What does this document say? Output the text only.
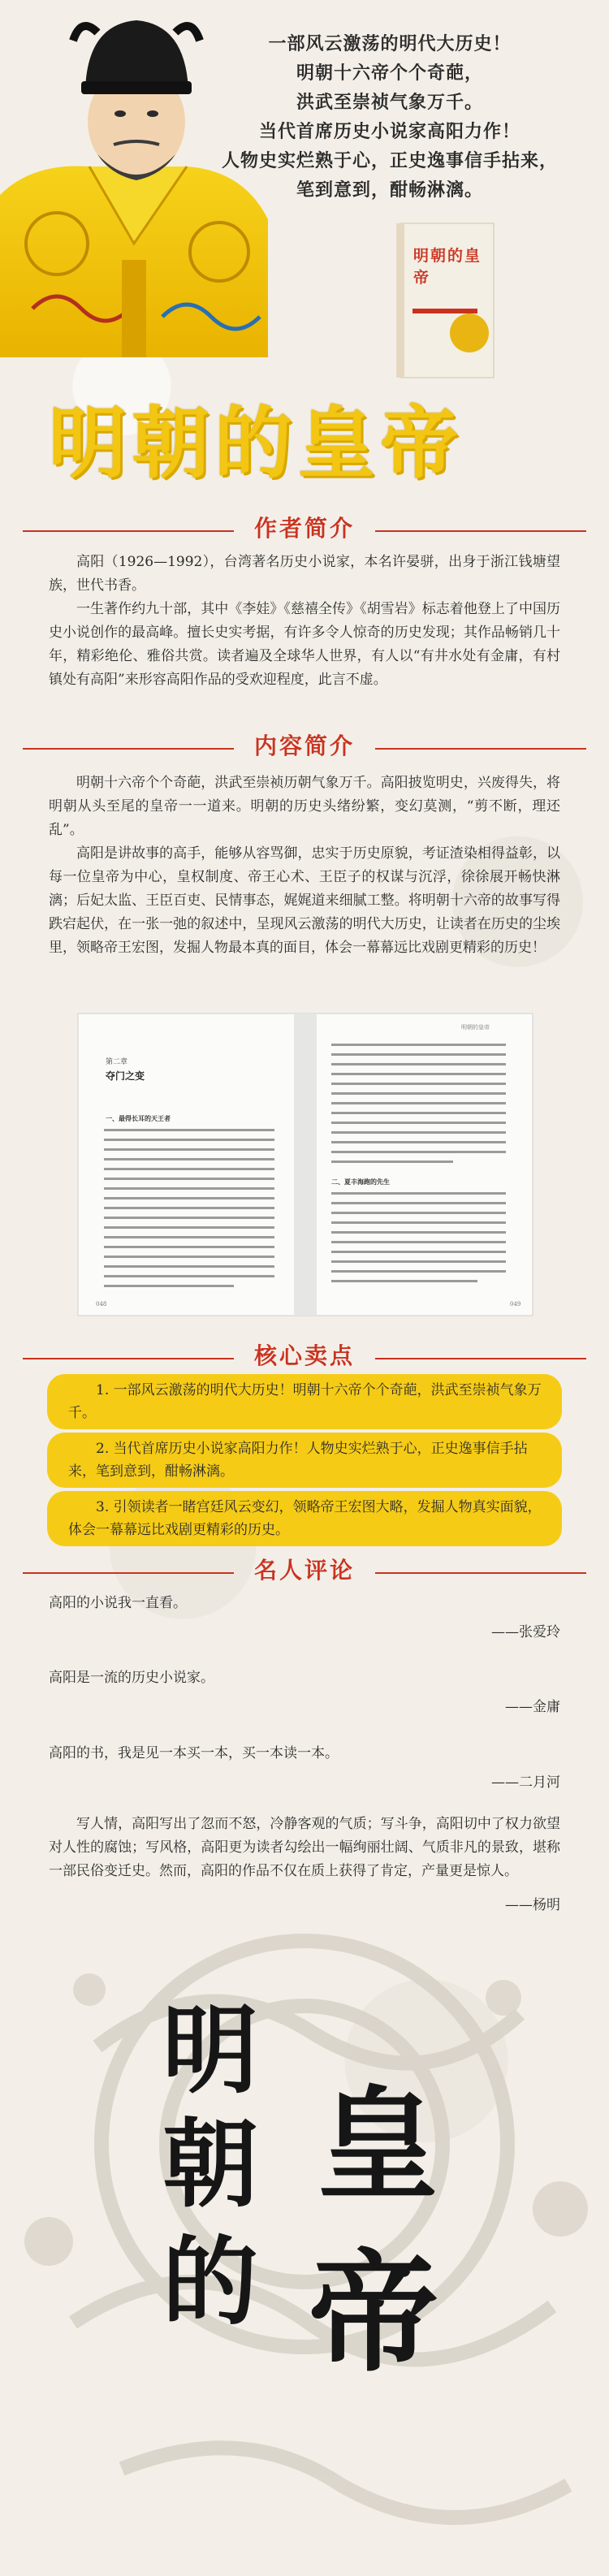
一部风云激荡的明代大历史！
明朝十六帝个个奇葩，
洪武至崇祯气象万千。
当代首席历史小说家高阳力作！
人物史实烂熟于心，正史逸事信手拈来，
笔到意到，酣畅淋漓。
明朝的皇帝
明朝的皇帝
作者简介
高阳（1926—1992），台湾著名历史小说家，本名许晏骈，出身于浙江钱塘望族，世代书香。
一生著作约九十部，其中《李娃》《慈禧全传》《胡雪岩》标志着他登上了中国历史小说创作的最高峰。擅长史实考据，有许多令人惊奇的历史发现；其作品畅销几十年，精彩绝伦、雅俗共赏。读者遍及全球华人世界，有人以“有井水处有金庸，有村镇处有高阳”来形容高阳作品的受欢迎程度，此言不虚。
内容简介
明朝十六帝个个奇葩，洪武至崇祯历朝气象万千。高阳披览明史，兴废得失，将明朝从头至尾的皇帝一一道来。明朝的历史头绪纷繁，变幻莫测，“剪不断，理还乱”。
高阳是讲故事的高手，能够从容骂御，忠实于历史原貌，考证渣染相得益彰，以每一位皇帝为中心，皇权制度、帝王心术、王臣子的权谋与沉浮，徐徐展开畅快淋漓；后妃太监、王臣百吏、民情事态，娓娓道来细腻工整。将明朝十六帝的故事写得跌宕起伏，在一张一弛的叙述中，呈现风云激荡的明代大历史，让读者在历史的尘埃里，领略帝王宏图，发掘人物最本真的面目，体会一幕幕远比戏剧更精彩的历史！
第二章
夺门之变
一、最得长耳的天王者
二、夏丰海跑的先生
明朝的皇帝
048	049
核心卖点
1. 一部风云激荡的明代大历史！明朝十六帝个个奇葩，洪武至崇祯气象万千。
2. 当代首席历史小说家高阳力作！人物史实烂熟于心，正史逸事信手拈来，笔到意到，酣畅淋漓。
3. 引领读者一睹宫廷风云变幻，领略帝王宏图大略，发掘人物真实面貌，体会一幕幕远比戏剧更精彩的历史。
名人评论
高阳的小说我一直看。
——张爱玲
高阳是一流的历史小说家。
——金庸
高阳的书，我是见一本买一本，买一本读一本。
——二月河
写人情，高阳写出了忽而不怒，冷静客观的气质；写斗争，高阳切中了权力欲望对人性的腐蚀；写风格，高阳更为读者勾绘出一幅绚丽壮阔、气质非凡的景致，堪称一部民俗变迁史。然而，高阳的作品不仅在质上获得了肯定，产量更是惊人。
——杨明
明
朝
的
皇
帝
